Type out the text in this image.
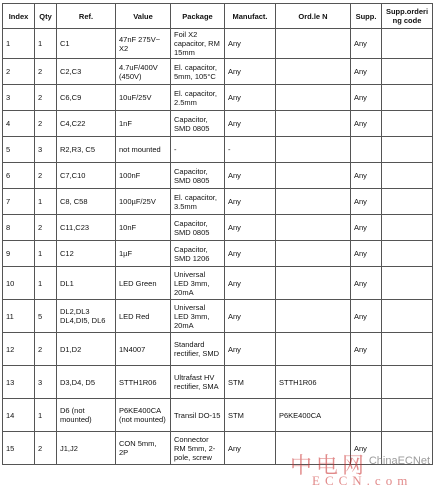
Index	Qty	Ref.	Value	Package	Manufact.	Ord.le N	Supp.	Supp.ordering code
1	1	C1	47nF 275V~ X2	Foil X2 capacitor, RM 15mm	Any		Any	
2	2	C2,C3	4.7uF/400V (450V)	El. capacitor, 5mm, 105°C	Any		Any	
3	2	C6,C9	10uF/25V	El. capacitor, 2.5mm	Any		Any	
4	2	C4,C22	1nF	Capacitor, SMD 0805	Any		Any	
5	3	R2,R3, C5	not mounted	-	-			
6	2	C7,C10	100nF	Capacitor, SMD 0805	Any		Any	
7	1	C8, C58	100µF/25V	El. capacitor, 3.5mm	Any		Any	
8	2	C11,C23	10nF	Capacitor, SMD 0805	Any		Any	
9	1	C12	1µF	Capacitor, SMD 1206	Any		Any	
10	1	DL1	LED Green	Universal LED 3mm, 20mA	Any		Any	
11	5	DL2,DL3 DL4,DI5, DL6	LED Red	Universal LED 3mm, 20mA	Any		Any	
12	2	D1,D2	1N4007	Standard rectifier, SMD	Any		Any	
13	3	D3,D4, D5	STTH1R06	Ultrafast HV rectifier, SMA	STM	STTH1R06		
14	1	D6 (not mounted)	P6KE400CA (not mounted)	Transil DO-15	STM	P6KE400CA		
15	2	J1,J2	CON 5mm, 2P	Connector RM 5mm, 2-pole, screw	Any		Any	
中电网 ChinaECNet
ECCN.com
